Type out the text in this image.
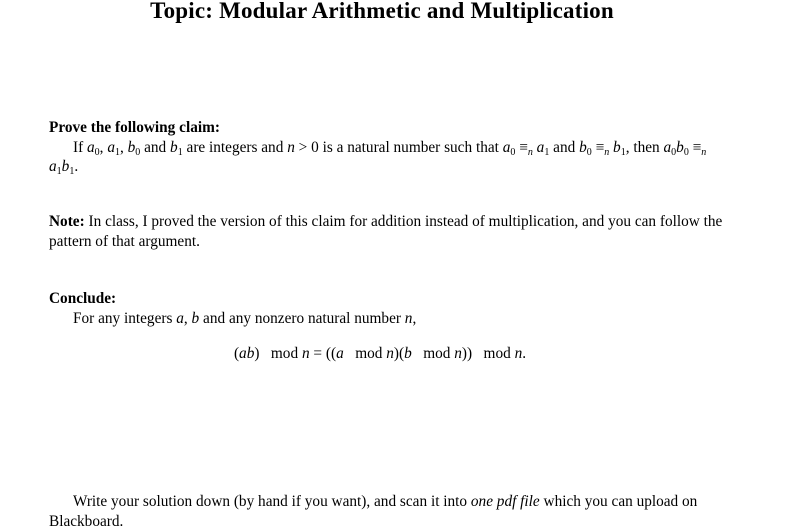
Topic: Modular Arithmetic and Multiplication
Prove the following claim:
If $a_0$, $a_1$, $b_0$ and $b_1$ are integers and n > 0 is a natural number such that $a_0 \equiv_n$ $a_1$ and $b_0 \equiv_n$ $b_1$, then $a_0b_0 \equiv_n$ $a_1b_1$.
Note: In class, I proved the version of this claim for addition instead of multiplication, and you can follow the pattern of that argument.
Conclude:
For any integers a, b and any nonzero natural number n,
(ab)   mod n = ((a   mod n)(b   mod n))   mod n.
Write your solution down (by hand if you want), and scan it into one pdf file which you can upload on Blackboard.
